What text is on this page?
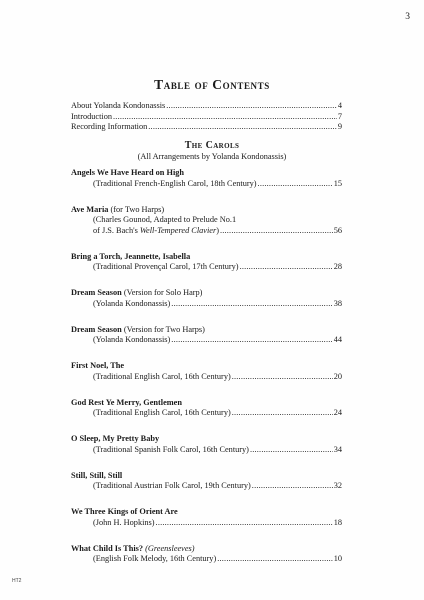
3
Table of Contents
About Yolanda Kondonassis .....	4
Introduction .....	7
Recording Information .....	9
The Carols
(All Arrangements by Yolanda Kondonassis)
Angels We Have Heard on High
(Traditional French-English Carol, 18th Century) .....	15
Ave Maria (for Two Harps)
(Charles Gounod, Adapted to Prelude No.1
of J.S. Bach's Well-Tempered Clavier) .....	56
Bring a Torch, Jeannette, Isabella
(Traditional Provençal Carol, 17th Century) .....	28
Dream Season (Version for Solo Harp)
(Yolanda Kondonassis) .....	38
Dream Season (Version for Two Harps)
(Yolanda Kondonassis) .....	44
First Noel, The
(Traditional English Carol, 16th Century) .....	20
God Rest Ye Merry, Gentlemen
(Traditional English Carol, 16th Century) .....	24
O Sleep, My Pretty Baby
(Traditional Spanish Folk Carol, 16th Century) .....	34
Still, Still, Still
(Traditional Austrian Folk Carol, 19th Century) .....	32
We Three Kings of Orient Are
(John H. Hopkins) .....	18
What Child Is This? (Greensleeves)
(English Folk Melody, 16th Century) .....	10
HT2
